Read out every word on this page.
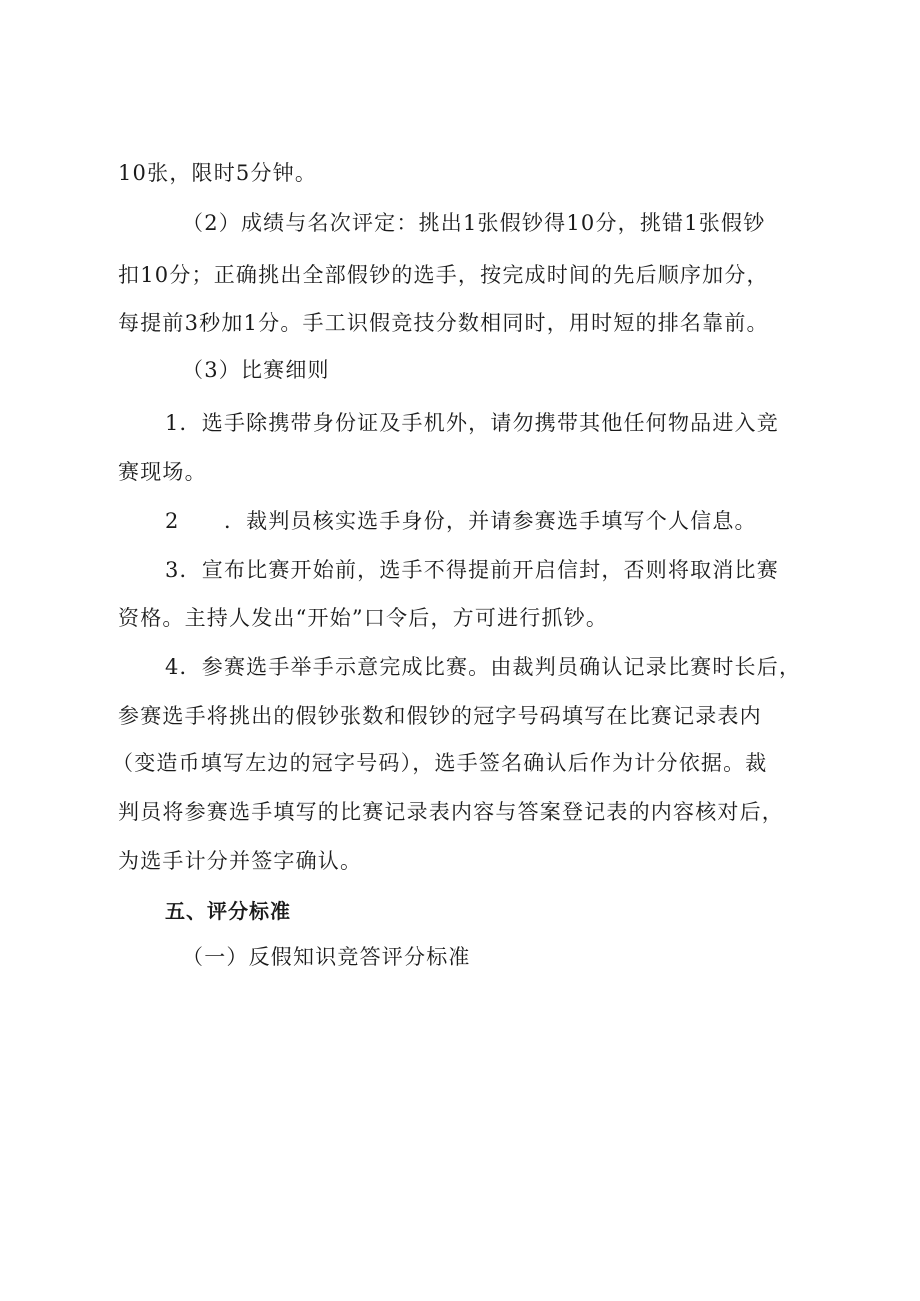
10张，限时5分钟。
（2）成绩与名次评定：挑出1张假钞得10分，挑错1张假钞
扣10分；正确挑出全部假钞的选手，按完成时间的先后顺序加分，
每提前3秒加1分。手工识假竞技分数相同时，用时短的排名靠前。
（3）比赛细则
1．选手除携带身份证及手机外，请勿携带其他任何物品进入竞
赛现场。
2　　．裁判员核实选手身份，并请参赛选手填写个人信息。
3．宣布比赛开始前，选手不得提前开启信封，否则将取消比赛
资格。主持人发出“开始”口令后，方可进行抓钞。
4．参赛选手举手示意完成比赛。由裁判员确认记录比赛时长后，
参赛选手将挑出的假钞张数和假钞的冠字号码填写在比赛记录表内
（变造币填写左边的冠字号码），选手签名确认后作为计分依据。裁
判员将参赛选手填写的比赛记录表内容与答案登记表的内容核对后，
为选手计分并签字确认。
五、评分标准
（一）反假知识竞答评分标准
